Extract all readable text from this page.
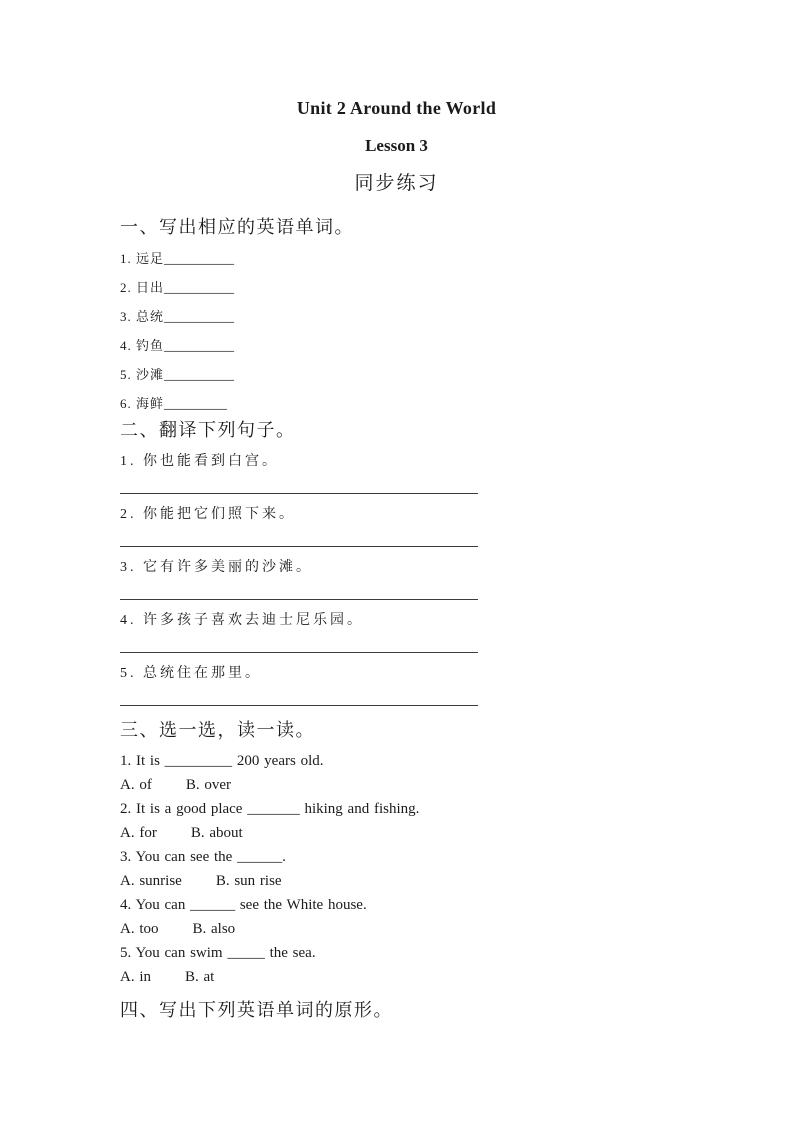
Unit 2 Around the World
Lesson 3
同步练习
一、写出相应的英语单词。
1. 远足__________
2. 日出__________
3. 总统__________
4. 钓鱼__________
5. 沙滩__________
6. 海鲜_________
二、翻译下列句子。
1. 你也能看到白宫。
2. 你能把它们照下来。
3. 它有许多美丽的沙滩。
4. 许多孩子喜欢去迪士尼乐园。
5. 总统住在那里。
三、选一选，读一读。
1. It is _________ 200 years old.
A. of B. over
2. It is a good place _______ hiking and fishing.
A. for B. about
3. You can see the ______.
A. sunrise B. sun rise
4. You can ______ see the White house.
A. too B. also
5. You can swim _____ the sea.
A. in B. at
四、写出下列英语单词的原形。
